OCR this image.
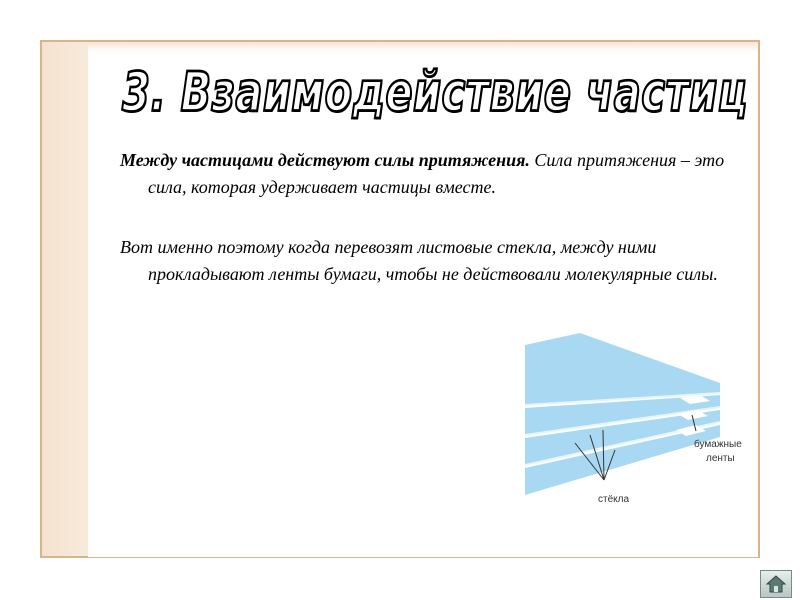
3. Взаимодействие частиц
Между частицами действуют силы притяжения. Сила притяжения – это сила, которая удерживает частицы вместе.
Вот именно поэтому когда перевозят листовые стекла, между ними прокладывают ленты бумаги, чтобы не действовали молекулярные силы.
бумажные
ленты
стёкла
